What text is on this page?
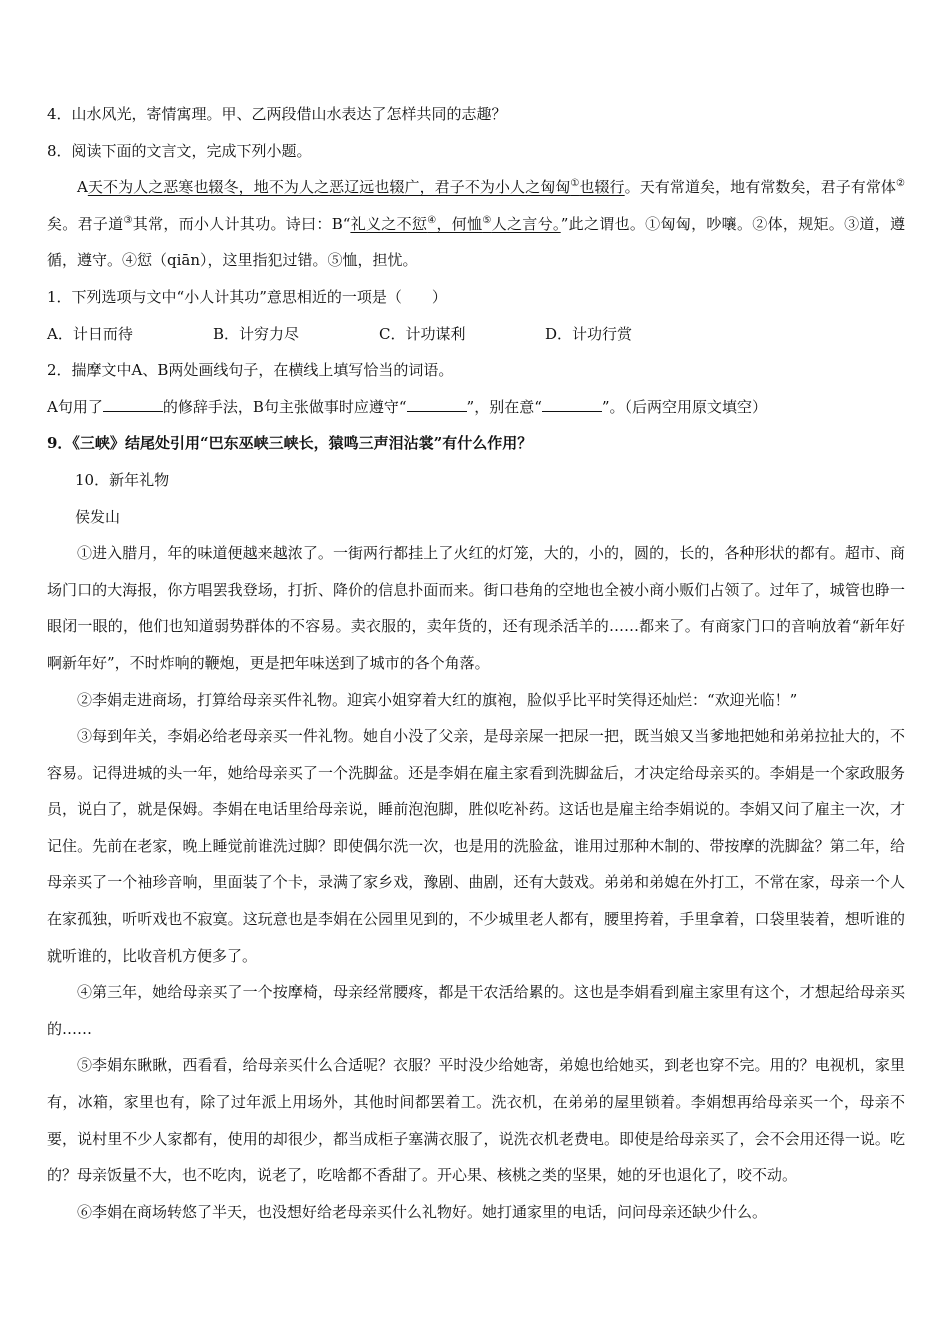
4．山水风光，寄情寓理。甲、乙两段借山水表达了怎样共同的志趣？

8．阅读下面的文言文，完成下列小题。

A天不为人之恶寒也辍冬，地不为人之恶辽远也辍广，君子不为小人之匈匈①也辍行。天有常道矣，地有常数矣，君子有常体②矣。君子道③其常，而小人计其功。诗曰：B“礼义之不愆④，何恤⑤人之言兮。”此之谓也。①匈匈，吵嚷。②体，规矩。③道，遵循，遵守。④愆（qiān），这里指犯过错。⑤恤，担忧。

1．下列选项与文中“小人计其功”意思相近的一项是（　　）

A．计日而待	B．计穷力尽	C．计功谋利	D．计功行赏

2．揣摩文中A、B两处画线句子，在横线上填写恰当的词语。

A句用了	的修辞手法，B句主张做事时应遵守“	”，别在意“	”。（后两空用原文填空）

9．《三峡》结尾处引用“巴东巫峡三峡长，猿鸣三声泪沾裳”有什么作用？

10．新年礼物

侯发山

①进入腊月，年的味道便越来越浓了。一街两行都挂上了火红的灯笼，大的，小的，圆的，长的，各种形状的都有。超市、商场门口的大海报，你方唱罢我登场，打折、降价的信息扑面而来。街口巷角的空地也全被小商小贩们占领了。过年了，城管也睁一眼闭一眼的，他们也知道弱势群体的不容易。卖衣服的，卖年货的，还有现杀活羊的……都来了。有商家门口的音响放着“新年好啊新年好”，不时炸响的鞭炮，更是把年味送到了城市的各个角落。

②李娟走进商场，打算给母亲买件礼物。迎宾小姐穿着大红的旗袍，脸似乎比平时笑得还灿烂：“欢迎光临！”

③每到年关，李娟必给老母亲买一件礼物。她自小没了父亲，是母亲屎一把尿一把，既当娘又当爹地把她和弟弟拉扯大的，不容易。记得进城的头一年，她给母亲买了一个洗脚盆。还是李娟在雇主家看到洗脚盆后，才决定给母亲买的。李娟是一个家政服务员，说白了，就是保姆。李娟在电话里给母亲说，睡前泡泡脚，胜似吃补药。这话也是雇主给李娟说的。李娟又问了雇主一次，才记住。先前在老家，晚上睡觉前谁洗过脚？即使偶尔洗一次，也是用的洗脸盆，谁用过那种木制的、带按摩的洗脚盆？第二年，给母亲买了一个袖珍音响，里面装了个卡，录满了家乡戏，豫剧、曲剧，还有大鼓戏。弟弟和弟媳在外打工，不常在家，母亲一个人在家孤独，听听戏也不寂寞。这玩意也是李娟在公园里见到的，不少城里老人都有，腰里挎着，手里拿着，口袋里装着，想听谁的就听谁的，比收音机方便多了。

④第三年，她给母亲买了一个按摩椅，母亲经常腰疼，都是干农活给累的。这也是李娟看到雇主家里有这个，才想起给母亲买的……

⑤李娟东瞅瞅，西看看，给母亲买什么合适呢？衣服？平时没少给她寄，弟媳也给她买，到老也穿不完。用的？电视机，家里有，冰箱，家里也有，除了过年派上用场外，其他时间都罢着工。洗衣机，在弟弟的屋里锁着。李娟想再给母亲买一个，母亲不要，说村里不少人家都有，使用的却很少，都当成柜子塞满衣服了，说洗衣机老费电。即使是给母亲买了，会不会用还得一说。吃的？母亲饭量不大，也不吃肉，说老了，吃啥都不香甜了。开心果、核桃之类的坚果，她的牙也退化了，咬不动。

⑥李娟在商场转悠了半天，也没想好给老母亲买什么礼物好。她打通家里的电话，问问母亲还缺少什么。
